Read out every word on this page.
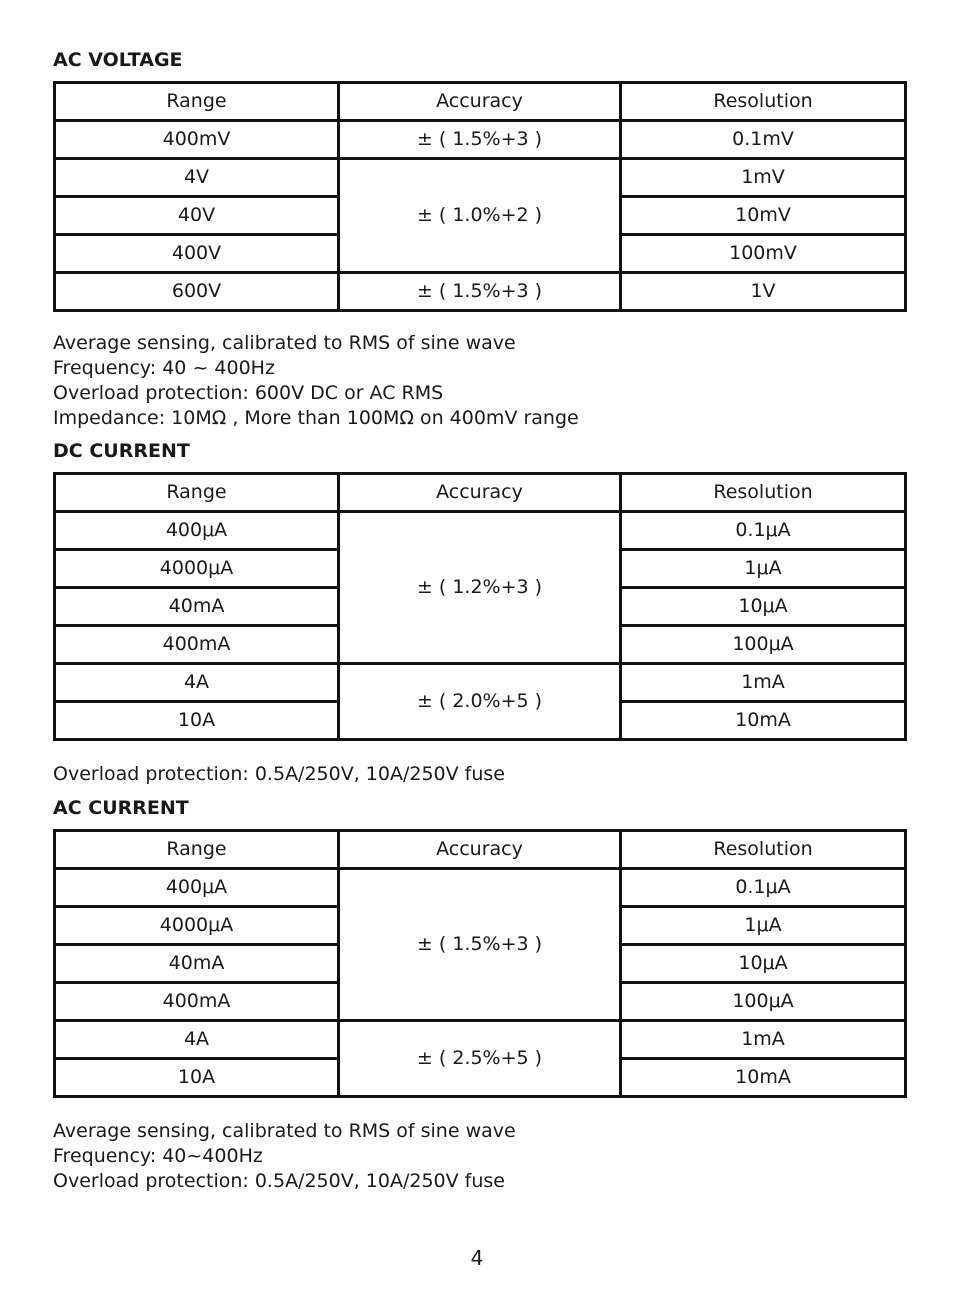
AC VOLTAGE
Range	Accuracy	Resolution
400mV	± ( 1.5%+3 )	0.1mV
4V	± ( 1.0%+2 )	1mV
40V		10mV
400V		100mV
600V	± ( 1.5%+3 )	1V
Average sensing, calibrated to RMS of sine wave
Frequency: 40 ~ 400Hz
Overload protection: 600V DC or AC RMS
Impedance: 10MΩ , More than 100MΩ on 400mV range
DC CURRENT
Range	Accuracy	Resolution
400μA	± ( 1.2%+3 )	0.1μA
4000μA		1μA
40mA		10μA
400mA		100μA
4A	± ( 2.0%+5 )	1mA
10A		10mA
Overload protection: 0.5A/250V, 10A/250V fuse
AC CURRENT
Range	Accuracy	Resolution
400μA	± ( 1.5%+3 )	0.1μA
4000μA		1μA
40mA		10μA
400mA		100μA
4A	± ( 2.5%+5 )	1mA
10A		10mA
Average sensing, calibrated to RMS of sine wave
Frequency: 40~400Hz
Overload protection: 0.5A/250V, 10A/250V fuse
4
